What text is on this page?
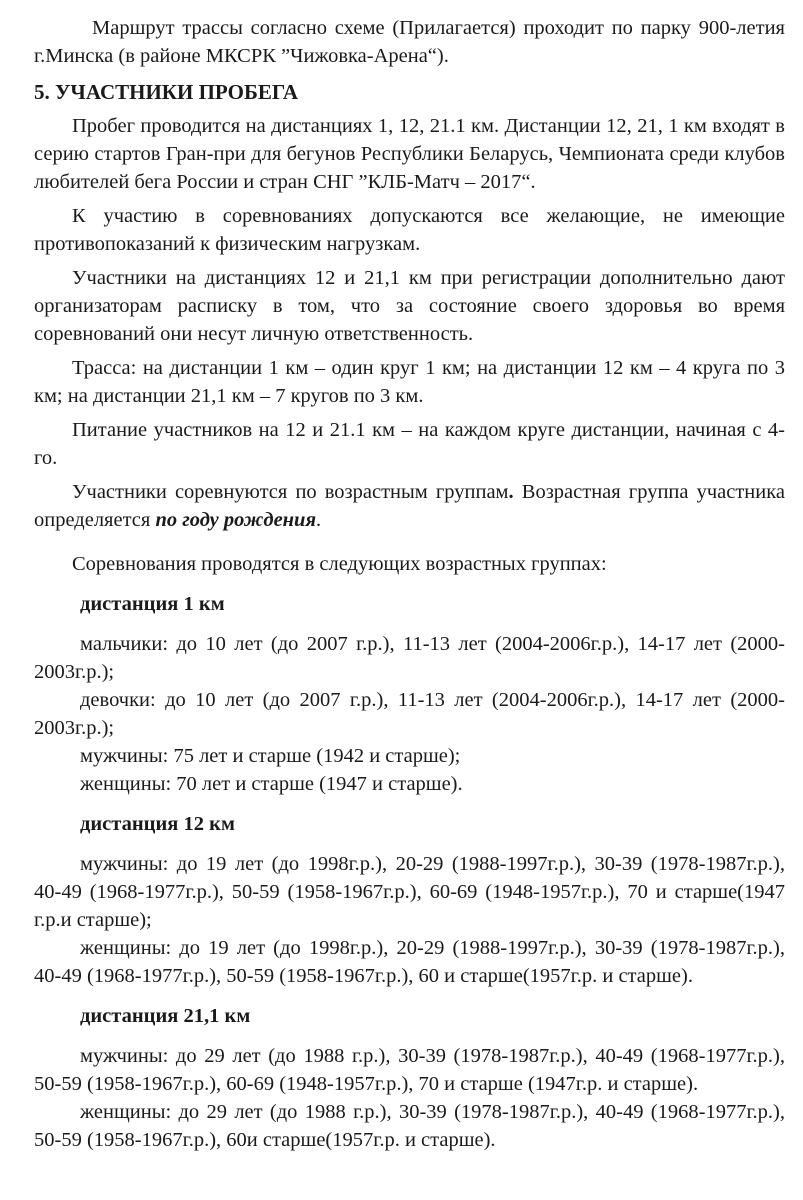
Маршрут трассы согласно схеме (Прилагается) проходит по парку 900-летия г.Минска (в районе МКСРК ”Чижовка-Арена“).

5. УЧАСТНИКИ ПРОБЕГА

Пробег проводится на дистанциях 1, 12, 21.1 км. Дистанции 12, 21, 1 км входят в серию стартов Гран-при для бегунов Республики Беларусь, Чемпионата среди клубов любителей бега России и стран СНГ ”КЛБ-Матч – 2017“.

К участию в соревнованиях допускаются все желающие, не имеющие противопоказаний к физическим нагрузкам.

Участники на дистанциях 12 и 21,1 км при регистрации дополнительно дают организаторам расписку в том, что за состояние своего здоровья во время соревнований они несут личную ответственность.

Трасса: на дистанции 1 км – один круг 1 км; на дистанции 12 км – 4 круга по 3 км; на дистанции 21,1 км – 7 кругов по 3 км.

Питание участников на 12 и 21.1 км – на каждом круге дистанции, начиная с 4-го.

Участники соревнуются по возрастным группам. Возрастная группа участника определяется по году рождения.

Соревнования проводятся в следующих возрастных группах:

дистанция 1 км

мальчики: до 10 лет (до 2007 г.р.), 11-13 лет (2004-2006г.р.), 14-17 лет (2000-2003г.р.);

девочки: до 10 лет (до 2007 г.р.), 11-13 лет (2004-2006г.р.), 14-17 лет (2000-2003г.р.);

мужчины: 75 лет и старше (1942 и старше);

женщины: 70 лет и старше (1947 и старше).

дистанция 12 км

мужчины: до 19 лет (до 1998г.р.), 20-29 (1988-1997г.р.), 30-39 (1978-1987г.р.), 40-49 (1968-1977г.р.), 50-59 (1958-1967г.р.), 60-69 (1948-1957г.р.), 70 и старше(1947 г.р.и старше);

женщины: до 19 лет (до 1998г.р.), 20-29 (1988-1997г.р.), 30-39 (1978-1987г.р.), 40-49 (1968-1977г.р.), 50-59 (1958-1967г.р.), 60 и старше(1957г.р. и старше).

дистанция 21,1 км

мужчины: до 29 лет (до 1988 г.р.), 30-39 (1978-1987г.р.), 40-49 (1968-1977г.р.), 50-59 (1958-1967г.р.), 60-69 (1948-1957г.р.), 70 и старше (1947г.р. и старше).

женщины: до 29 лет (до 1988 г.р.), 30-39 (1978-1987г.р.), 40-49 (1968-1977г.р.), 50-59 (1958-1967г.р.), 60и старше(1957г.р. и старше).
